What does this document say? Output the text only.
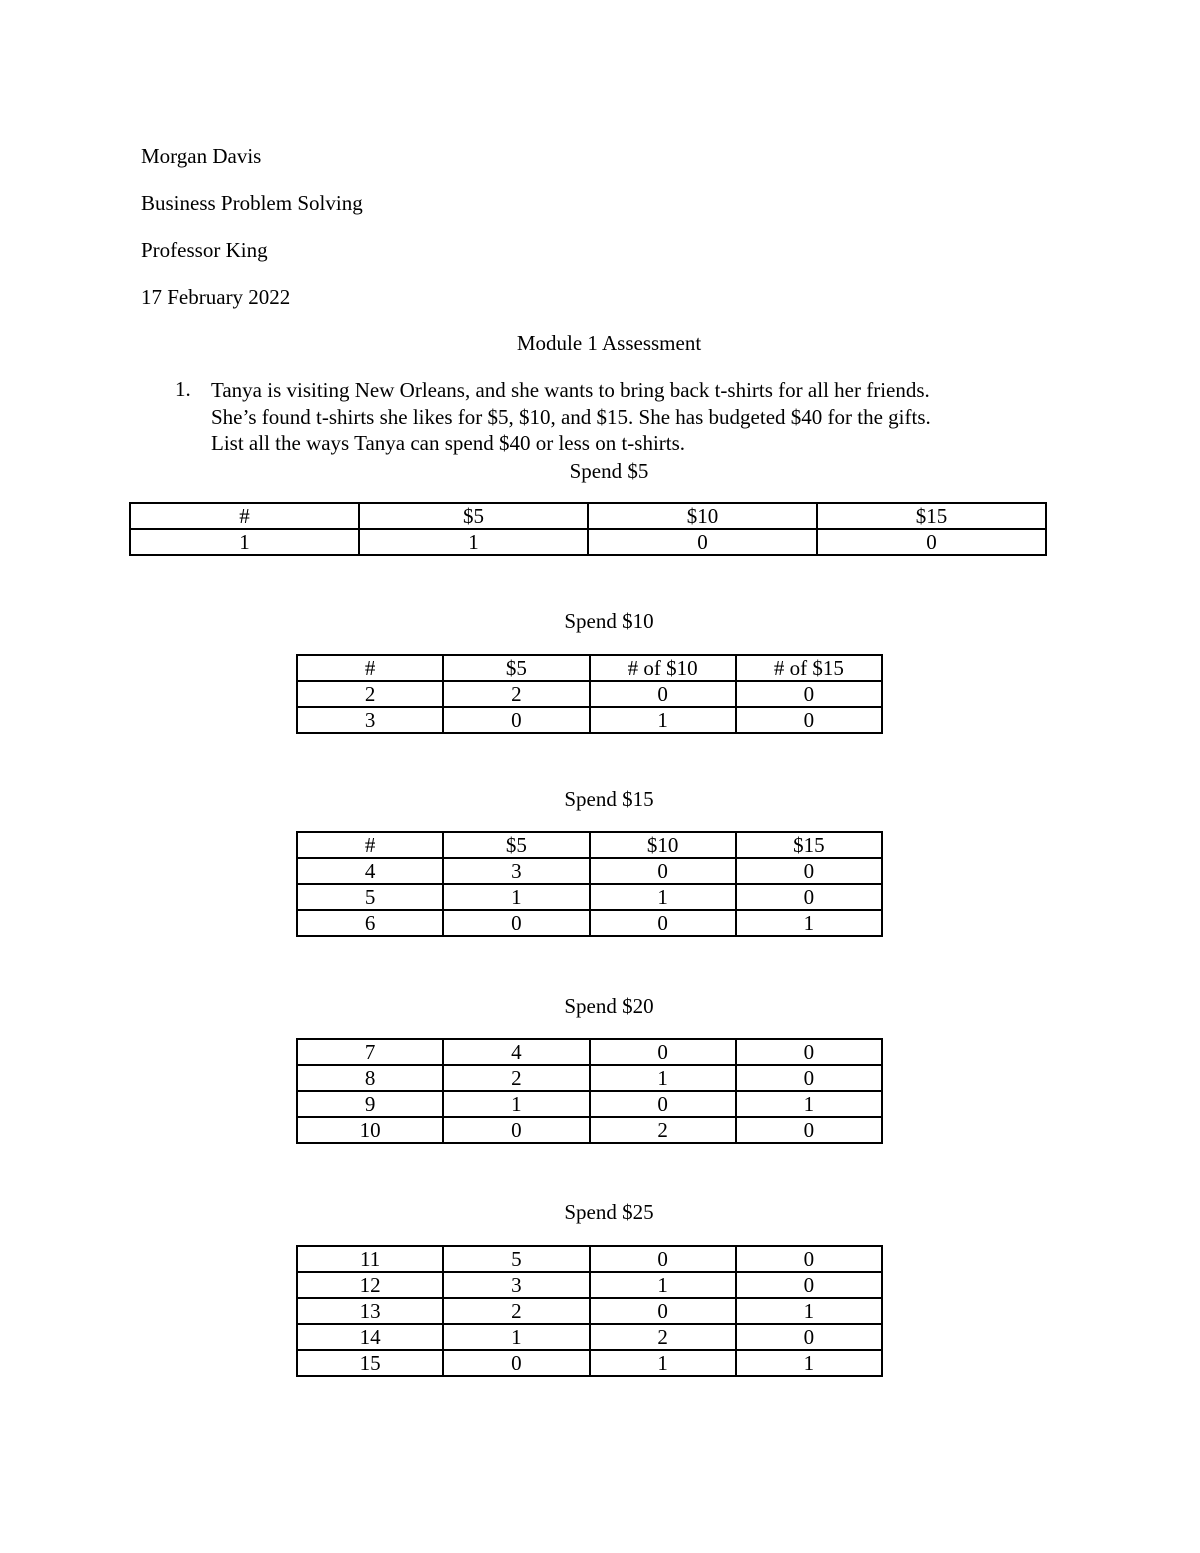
Morgan Davis
Business Problem Solving
Professor King
17 February 2022
Module 1 Assessment
1. Tanya is visiting New Orleans, and she wants to bring back t-shirts for all her friends.
She’s found t-shirts she likes for $5, $10, and $15. She has budgeted $40 for the gifts.
List all the ways Tanya can spend $40 or less on t-shirts.
Spend $5
#	$5	$10	$15
1	1	0	0
Spend $10
#	$5	# of $10	# of $15
2	2	0	0
3	0	1	0
Spend $15
#	$5	$10	$15
4	3	0	0
5	1	1	0
6	0	0	1
Spend $20
7	4	0	0
8	2	1	0
9	1	0	1
10	0	2	0
Spend $25
11	5	0	0
12	3	1	0
13	2	0	1
14	1	2	0
15	0	1	1
